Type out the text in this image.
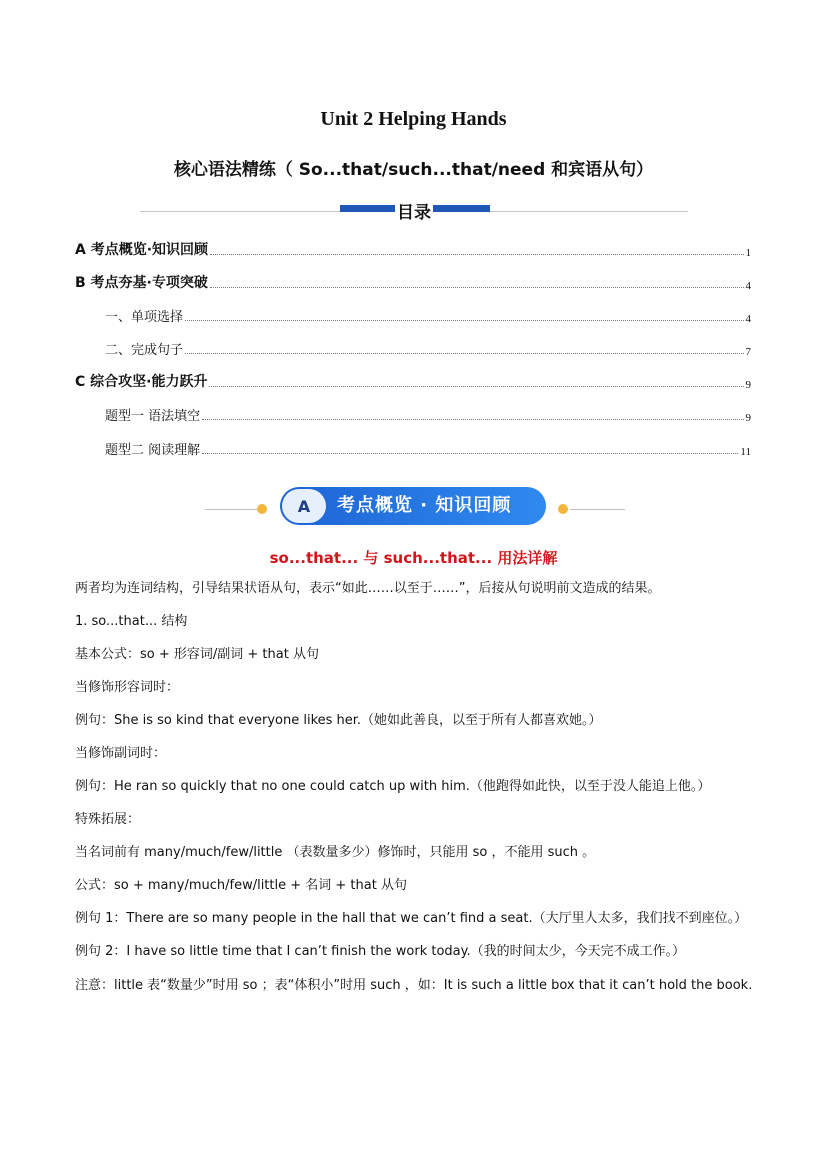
Unit 2 Helping Hands
核心语法精练（ So...that/such...that/need 和宾语从句）
目录
A 考点概览·知识回顾	1
B 考点夯基·专项突破	4
一、单项选择	4
二、完成句子	7
C 综合攻坚·能力跃升	9
题型一 语法填空	9
题型二 阅读理解	11
A	考点概览 · 知识回顾
so...that... 与 such...that... 用法详解
两者均为连词结构，引导结果状语从句，表示“如此……以至于……”，后接从句说明前文造成的结果。
1. so...that... 结构
基本公式：so + 形容词/副词 + that 从句
当修饰形容词时：
例句：She is so kind that everyone likes her.（她如此善良，以至于所有人都喜欢她。）
当修饰副词时：
例句：He ran so quickly that no one could catch up with him.（他跑得如此快，以至于没人能追上他。）
特殊拓展：
当名词前有 many/much/few/little （表数量多少）修饰时，只能用 so ，不能用 such 。
公式：so + many/much/few/little + 名词 + that 从句
例句 1：There are so many people in the hall that we can’t find a seat.（大厅里人太多，我们找不到座位。）
例句 2：I have so little time that I can’t finish the work today.（我的时间太少，今天完不成工作。）
注意：little 表“数量少”时用 so ；表“体积小”时用 such ，如：It is such a little box that it can’t hold the book.
